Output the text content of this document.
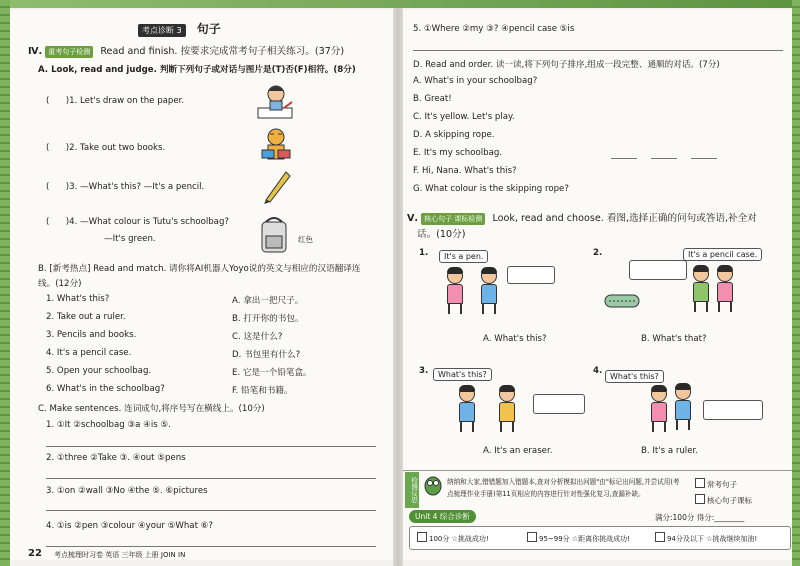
考点诊断 3 句子
Ⅳ. 重考句子检测 Read and finish. 按要求完成常考句子相关练习。(37分)
A. Look, read and judge. 判断下列句子或对话与图片是(T)否(F)相符。(8分)
(      )1. Let's draw on the paper.
(      )2. Take out two books.
(      )3. —What's this? —It's a pencil.
(      )4. —What colour is Tutu's schoolbag?
—It's green.	红色
B. [新考热点] Read and match. 请你将AI机器人Yoyo说的英文与相应的汉语翻译连
线。(12分)
1. What's this?
2. Take out a ruler.
3. Pencils and books.
4. It's a pencil case.
5. Open your schoolbag.
6. What's in the schoolbag?
A. 拿出一把尺子。
B. 打开你的书包。
C. 这是什么?
D. 书包里有什么?
E. 它是一个铅笔盒。
F. 铅笔和书籍。
C. Make sentences. 连词成句,将序号写在横线上。(10分)
1. ①It ②schoolbag ③a ④is ⑤.
2. ①three ②Take ③. ④out ⑤pens
3. ①on ②wall ③No ④the ⑤. ⑥pictures
4. ①is ②pen ③colour ④your ⑤What ⑥?
22 考点梳理时习卷 英语 三年级 上册 JOIN IN
5. ①Where ②my ③? ④pencil case ⑤is
D. Read and order. 读一读,将下列句子排序,组成一段完整、通顺的对话。(7分)
A. What's in your schoolbag?
B. Great!
C. It's yellow. Let's play.
D. A skipping rope.
E. It's my schoolbag.
F. Hi, Nana. What's this?
G. What colour is the skipping rope?
Ⅴ. 核心句子 课标检测 Look, read and choose. 看图,选择正确的问句或答语,补全对
话。(10分)
1.	It's a pen.
A. What's this?
2.	It's a pencil case.
B. What's that?
3.	What's this?
A. It's an eraser.
4.
What's this?
B. It's a ruler.
检测反思	纳纳和大家,错错题加入错题本,查对分析模拟出问题"由"标记出问题,并尝试用(考
点梳理作业手册)第11页相应的内容进行针对性强化复习,查漏补缺。
常考句子
核心句子课标
Unit 4 综合诊断	满分:100分 得分:________
100分 ☆挑战成功!	95~99分 ☆距离你挑战成功!	94分及以下 ☆挑战继续加油!
